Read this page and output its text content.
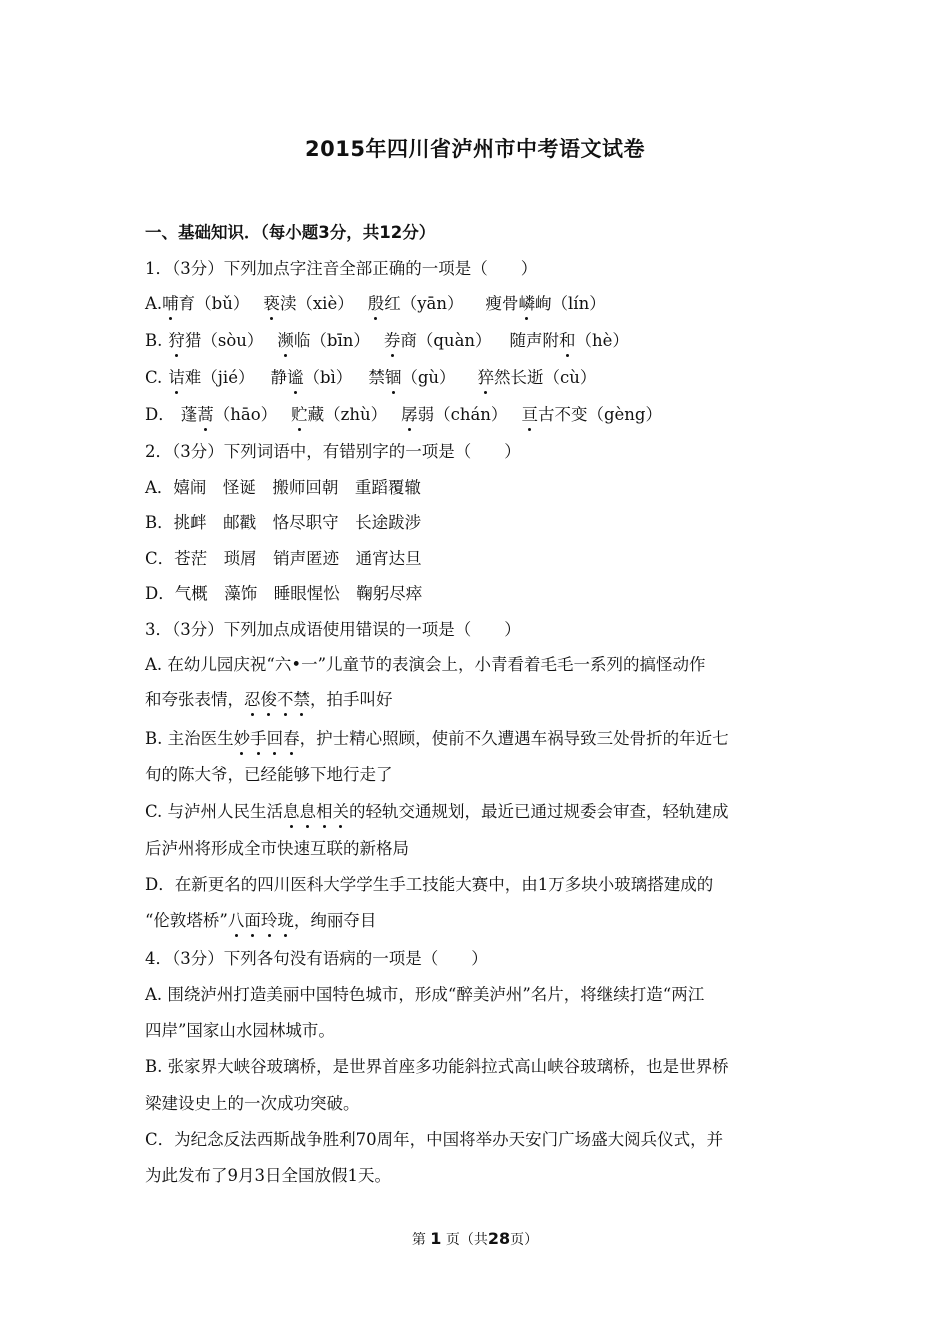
2015年四川省泸州市中考语文试卷
一、基础知识．（每小题3分，共12分）
1．（3分）下列加点字注音全部正确的一项是（　　）
A.哺育（bǔ） 亵渎（xiè） 殷红（yān） 瘦骨嶙峋（lín）
B. 狩猎（sòu） 濒临（bīn） 券商（quàn） 随声附和（hè）
C. 诘难（jié） 静谧（bì） 禁锢（gù） 猝然长逝（cù）
D． 蓬蒿（hāo） 贮藏（zhù） 孱弱（chán） 亘古不变（gèng）
2．（3分）下列词语中，有错别字的一项是（　　）
A．嬉闹　怪诞　搬师回朝　重蹈覆辙
B．挑衅　邮戳　恪尽职守　长途跋涉
C．苍茫　琐屑　销声匿迹　通宵达旦
D．气概　藻饰　睡眼惺忪　鞠躬尽瘁
3．（3分）下列加点成语使用错误的一项是（　　）
A. 在幼儿园庆祝“六•一”儿童节的表演会上，小青看着毛毛一系列的搞怪动作
和夸张表情，忍俊不禁，拍手叫好
B. 主治医生妙手回春，护士精心照顾，使前不久遭遇车祸导致三处骨折的年近七
旬的陈大爷，已经能够下地行走了
C. 与泸州人民生活息息相关的轻轨交通规划，最近已通过规委会审查，轻轨建成
后泸州将形成全市快速互联的新格局
D．在新更名的四川医科大学学生手工技能大赛中，由1万多块小玻璃搭建成的
“伦敦塔桥”八面玲珑，绚丽夺目
4．（3分）下列各句没有语病的一项是（　　）
A. 围绕泸州打造美丽中国特色城市，形成“醉美泸州”名片，将继续打造“两江
四岸”国家山水园林城市。
B. 张家界大峡谷玻璃桥，是世界首座多功能斜拉式高山峡谷玻璃桥，也是世界桥
梁建设史上的一次成功突破。
C．为纪念反法西斯战争胜利70周年，中国将举办天安门广场盛大阅兵仪式，并
为此发布了9月3日全国放假1天。
第 1 页（共28页）
